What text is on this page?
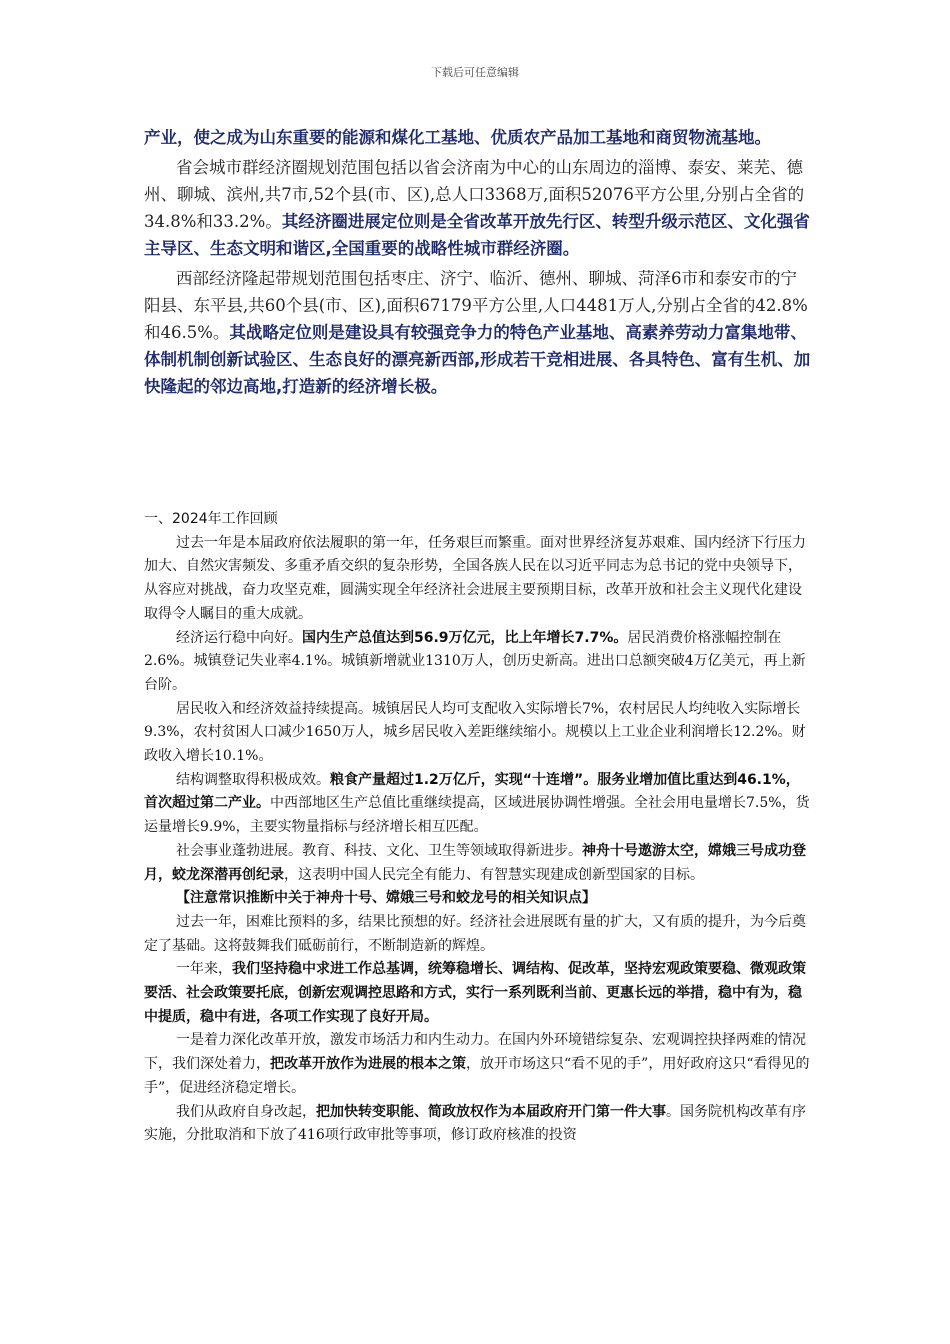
下载后可任意编辑

产业，使之成为山东重要的能源和煤化工基地、优质农产品加工基地和商贸物流基地。

省会城市群经济圈规划范围包括以省会济南为中心的山东周边的淄博、泰安、莱芜、德州、聊城、滨州,共7市,52个县(市、区),总人口3368万,面积52076平方公里,分别占全省的34.8%和33.2%。其经济圈进展定位则是全省改革开放先行区、转型升级示范区、文化强省主导区、生态文明和谐区,全国重要的战略性城市群经济圈。

西部经济隆起带规划范围包括枣庄、济宁、临沂、德州、聊城、菏泽6市和泰安市的宁阳县、东平县,共60个县(市、区),面积67179平方公里,人口4481万人,分别占全省的42.8%和46.5%。其战略定位则是建设具有较强竞争力的特色产业基地、高素养劳动力富集地带、体制机制创新试验区、生态良好的漂亮新西部,形成若干竞相进展、各具特色、富有生机、加快隆起的邻边高地,打造新的经济增长极。

一、2024年工作回顾

过去一年是本届政府依法履职的第一年，任务艰巨而繁重。面对世界经济复苏艰难、国内经济下行压力加大、自然灾害频发、多重矛盾交织的复杂形势，全国各族人民在以习近平同志为总书记的党中央领导下，从容应对挑战，奋力攻坚克难，圆满实现全年经济社会进展主要预期目标，改革开放和社会主义现代化建设取得令人瞩目的重大成就。

经济运行稳中向好。国内生产总值达到56.9万亿元，比上年增长7.7%。居民消费价格涨幅控制在2.6%。城镇登记失业率4.1%。城镇新增就业1310万人，创历史新高。进出口总额突破4万亿美元，再上新台阶。

居民收入和经济效益持续提高。城镇居民人均可支配收入实际增长7%，农村居民人均纯收入实际增长9.3%，农村贫困人口减少1650万人，城乡居民收入差距继续缩小。规模以上工业企业利润增长12.2%。财政收入增长10.1%。

结构调整取得积极成效。粮食产量超过1.2万亿斤，实现“十连增”。服务业增加值比重达到46.1%，首次超过第二产业。中西部地区生产总值比重继续提高，区域进展协调性增强。全社会用电量增长7.5%，货运量增长9.9%，主要实物量指标与经济增长相互匹配。

社会事业蓬勃进展。教育、科技、文化、卫生等领域取得新进步。神舟十号遨游太空，嫦娥三号成功登月，蛟龙深潜再创纪录，这表明中国人民完全有能力、有智慧实现建成创新型国家的目标。

【注意常识推断中关于神舟十号、嫦娥三号和蛟龙号的相关知识点】

过去一年，困难比预料的多，结果比预想的好。经济社会进展既有量的扩大，又有质的提升，为今后奠定了基础。这将鼓舞我们砥砺前行，不断制造新的辉煌。

一年来，我们坚持稳中求进工作总基调，统筹稳增长、调结构、促改革，坚持宏观政策要稳、微观政策要活、社会政策要托底，创新宏观调控思路和方式，实行一系列既利当前、更惠长远的举措，稳中有为，稳中提质，稳中有进，各项工作实现了良好开局。

一是着力深化改革开放，激发市场活力和内生动力。在国内外环境错综复杂、宏观调控抉择两难的情况下，我们深处着力，把改革开放作为进展的根本之策，放开市场这只“看不见的手”，用好政府这只“看得见的手”，促进经济稳定增长。

我们从政府自身改起，把加快转变职能、简政放权作为本届政府开门第一件大事。国务院机构改革有序实施，分批取消和下放了416项行政审批等事项，修订政府核准的投资
